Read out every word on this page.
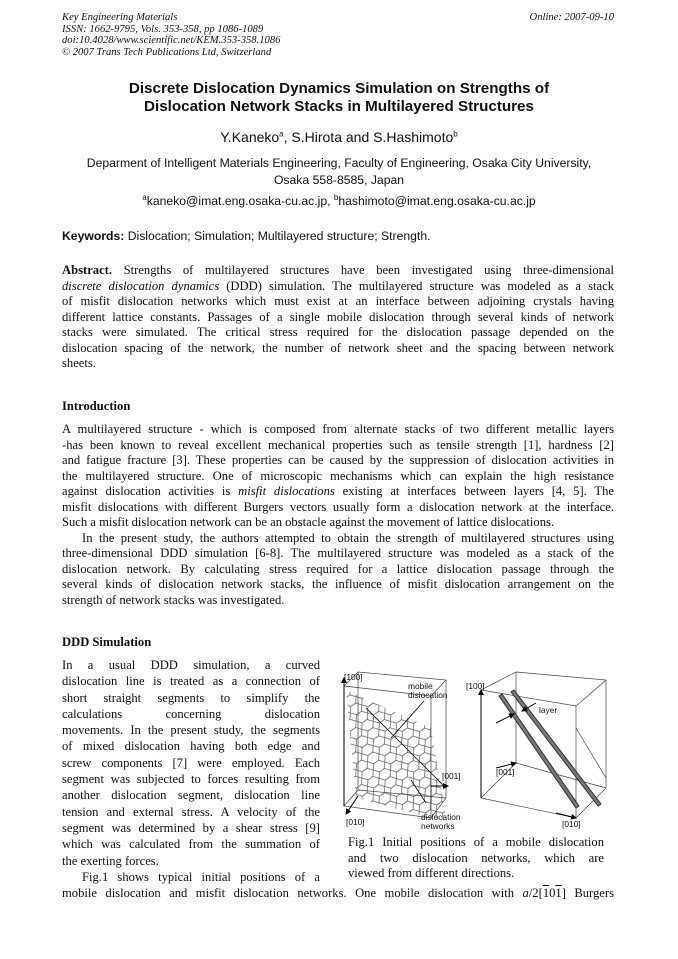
Key Engineering Materials
ISSN: 1662-9795, Vols. 353-358, pp 1086-1089
doi:10.4028/www.scientific.net/KEM.353-358.1086
© 2007 Trans Tech Publications Ltd, Switzerland
Online: 2007-09-10
Discrete Dislocation Dynamics Simulation on Strengths of
Dislocation Network Stacks in Multilayered Structures
Y.Kaneko$^a$, S.Hirota and S.Hashimoto$^b$
Deparment of Intelligent Materials Engineering, Faculty of Engineering, Osaka City University,
Osaka 558-8585, Japan
$^a$kaneko@imat.eng.osaka-cu.ac.jp, $^b$hashimoto@imat.eng.osaka-cu.ac.jp
Keywords: Dislocation; Simulation; Multilayered structure; Strength.
Abstract. Strengths of multilayered structures have been investigated using three-dimensional
discrete dislocation dynamics (DDD) simulation. The multilayered structure was modeled as a stack
of misfit dislocation networks which must exist at an interface between adjoining crystals having
different lattice constants. Passages of a single mobile dislocation through several kinds of network
stacks were simulated. The critical stress required for the dislocation passage depended on the
dislocation spacing of the network, the number of network sheet and the spacing between network
sheets.
Introduction
A multilayered structure - which is composed from alternate stacks of two different metallic layers
-has been known to reveal excellent mechanical properties such as tensile strength [1], hardness [2]
and fatigue fracture [3]. These properties can be caused by the suppression of dislocation activities in
the multilayered structure. One of microscopic mechanisms which can explain the high resistance
against dislocation activities is misfit dislocations existing at interfaces between layers [4, 5]. The
misfit dislocations with different Burgers vectors usually form a dislocation network at the interface.
Such a misfit dislocation network can be an obstacle against the movement of lattice dislocations.
In the present study, the authors attempted to obtain the strength of multilayered structures using
three-dimensional DDD simulation [6-8]. The multilayered structure was modeled as a stack of the
dislocation network. By calculating stress required for a lattice dislocation passage through the
several kinds of dislocation network stacks, the influence of misfit dislocation arrangement on the
strength of network stacks was investigated.
DDD Simulation
In a usual DDD simulation, a curved
dislocation line is treated as a connection of
short straight segments to simplify the
calculations concerning dislocation
movements. In the present study, the segments
of mixed dislocation having both edge and
screw components [7] were employed. Each
segment was subjected to forces resulting from
another dislocation segment, dislocation line
tension and external stress. A velocity of the
segment was determined by a shear stress [9]
which was calculated from the summation of
the exerting forces.
Fig.1 shows typical initial positions of a
mobile dislocation and misfit dislocation networks. One mobile dislocation with a/2[101] Burgers
[100]
mobile
dislocation
[001]
[010]	dislocation
networks
[100]
layer
[001]
[010]
Fig.1 Initial positions of a mobile dislocation
and two dislocation networks, which are
viewed from different directions.
